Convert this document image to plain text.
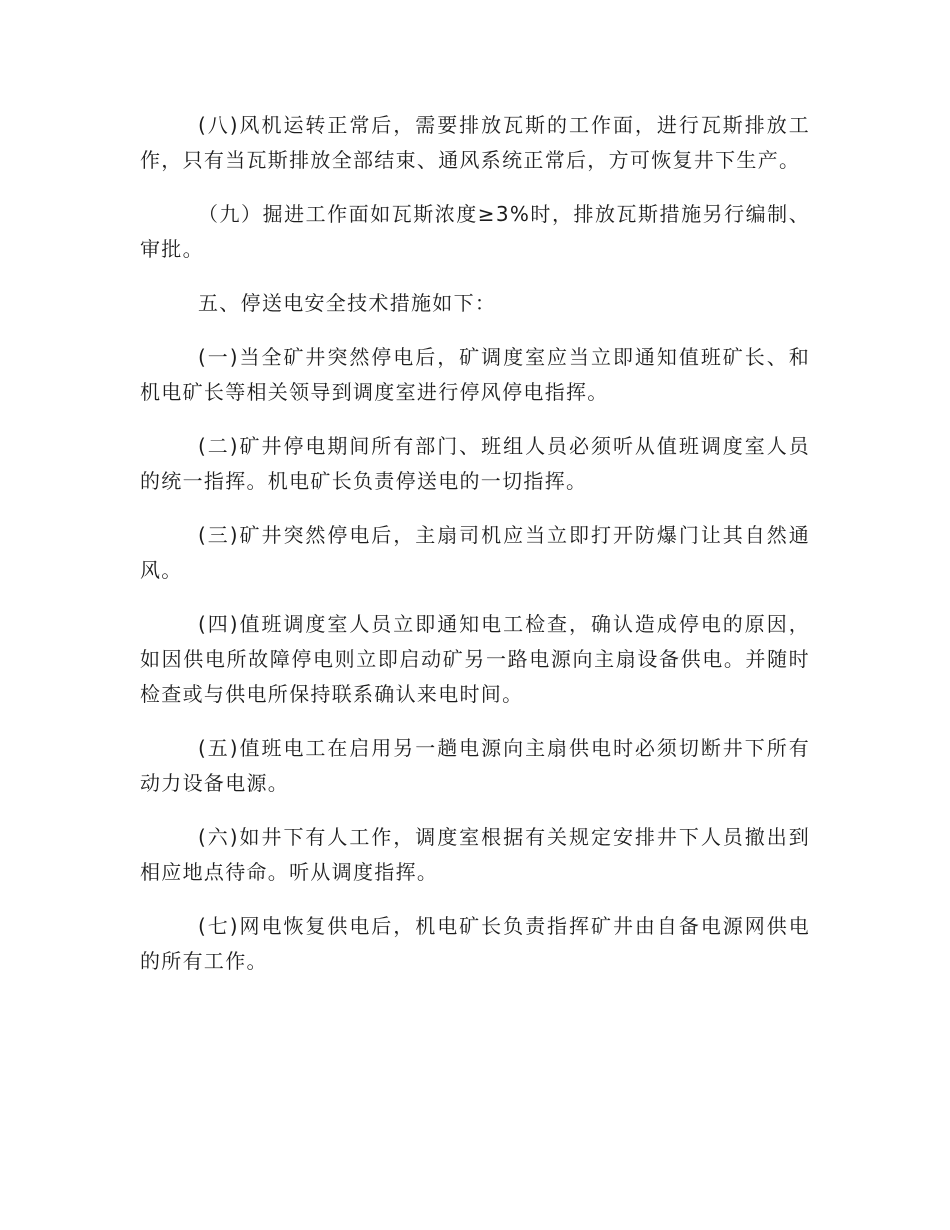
(八)风机运转正常后，需要排放瓦斯的工作面，进行瓦斯排放工作，只有当瓦斯排放全部结束、通风系统正常后，方可恢复井下生产。

（九）掘进工作面如瓦斯浓度≥3%时，排放瓦斯措施另行编制、审批。

五、停送电安全技术措施如下：

(一)当全矿井突然停电后，矿调度室应当立即通知值班矿长、和机电矿长等相关领导到调度室进行停风停电指挥。

(二)矿井停电期间所有部门、班组人员必须听从值班调度室人员的统一指挥。机电矿长负责停送电的一切指挥。

(三)矿井突然停电后，主扇司机应当立即打开防爆门让其自然通风。

(四)值班调度室人员立即通知电工检查，确认造成停电的原因，如因供电所故障停电则立即启动矿另一路电源向主扇设备供电。并随时检查或与供电所保持联系确认来电时间。

(五)值班电工在启用另一趟电源向主扇供电时必须切断井下所有动力设备电源。

(六)如井下有人工作，调度室根据有关规定安排井下人员撤出到相应地点待命。听从调度指挥。

(七)网电恢复供电后，机电矿长负责指挥矿井由自备电源网供电的所有工作。
